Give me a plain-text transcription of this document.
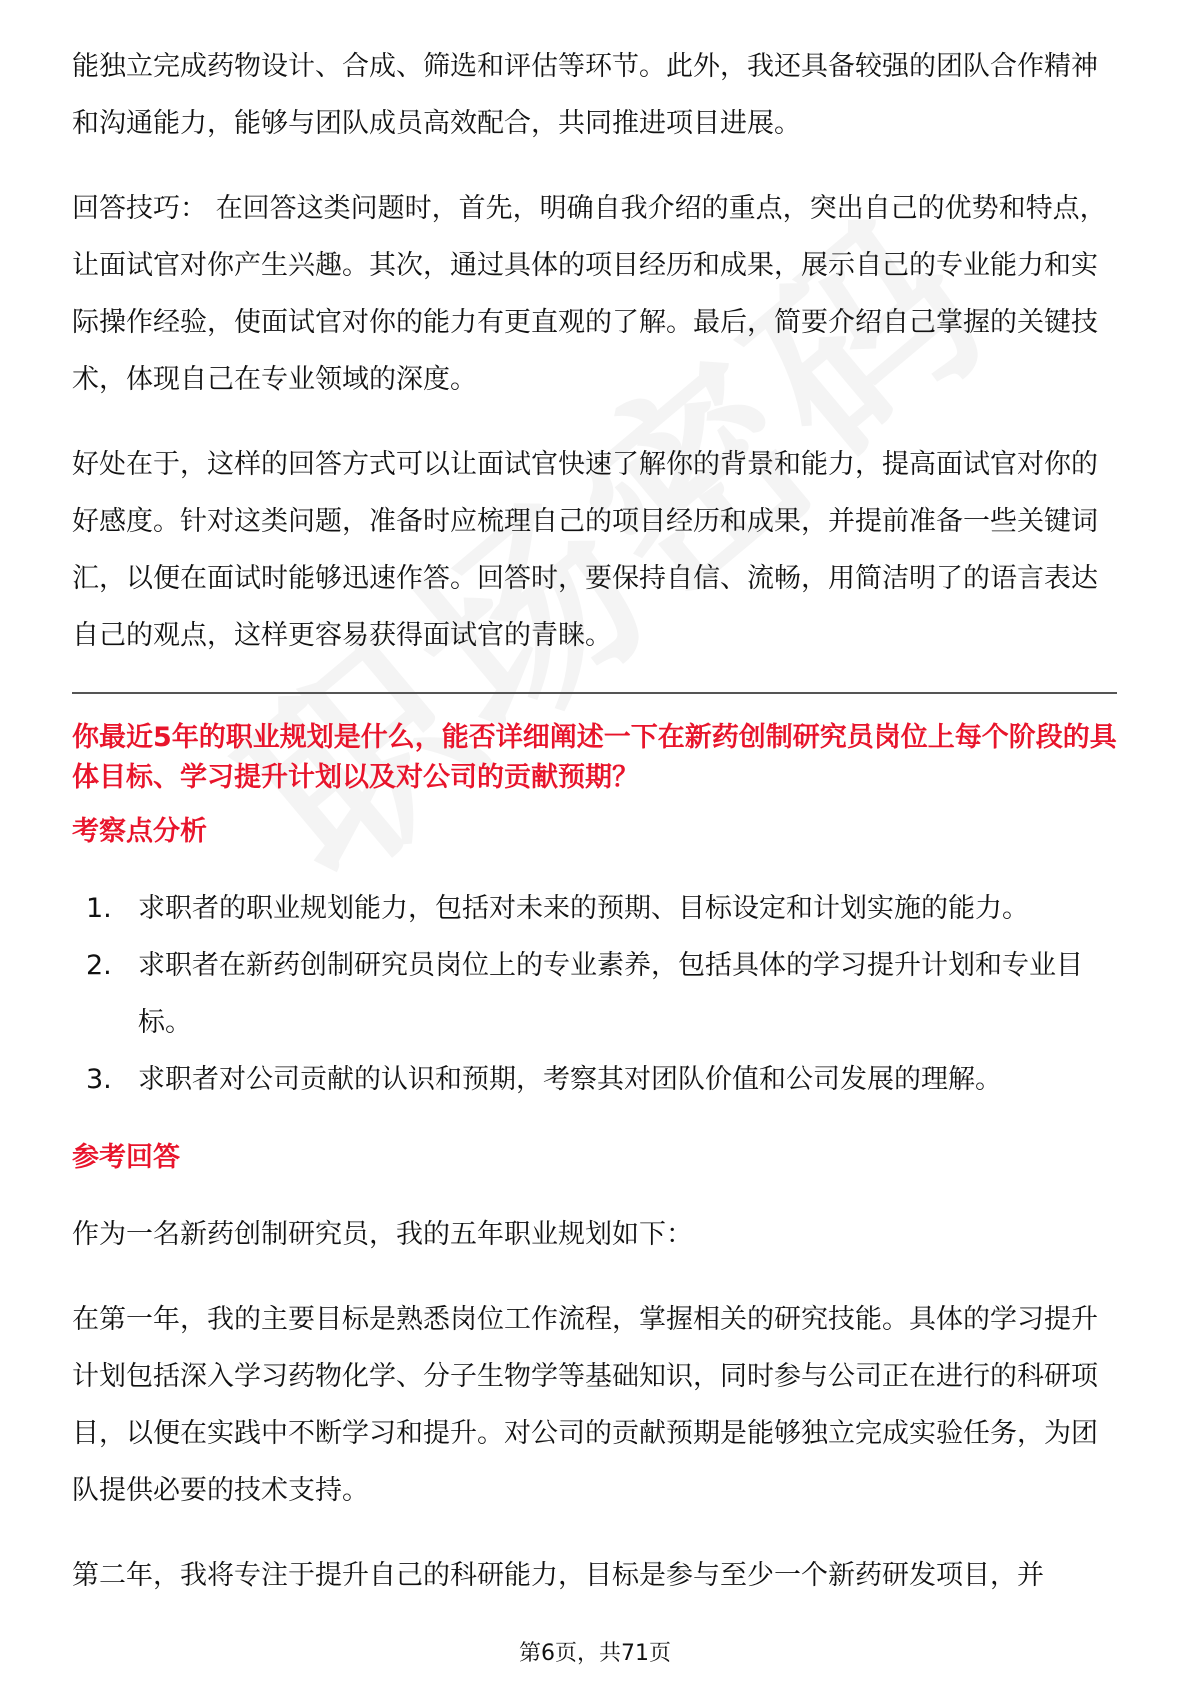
能独立完成药物设计、合成、筛选和评估等环节。此外，我还具备较强的团队合作精神和沟通能力，能够与团队成员高效配合，共同推进项目进展。

回答技巧： 在回答这类问题时，首先，明确自我介绍的重点，突出自己的优势和特点，让面试官对你产生兴趣。其次，通过具体的项目经历和成果，展示自己的专业能力和实际操作经验，使面试官对你的能力有更直观的了解。最后，简要介绍自己掌握的关键技术，体现自己在专业领域的深度。

好处在于，这样的回答方式可以让面试官快速了解你的背景和能力，提高面试官对你的好感度。针对这类问题，准备时应梳理自己的项目经历和成果，并提前准备一些关键词汇，以便在面试时能够迅速作答。回答时，要保持自信、流畅，用简洁明了的语言表达自己的观点，这样更容易获得面试官的青睐。

你最近5年的职业规划是什么，能否详细阐述一下在新药创制研究员岗位上每个阶段的具体目标、学习提升计划以及对公司的贡献预期？
考察点分析
1. 求职者的职业规划能力，包括对未来的预期、目标设定和计划实施的能力。
2. 求职者在新药创制研究员岗位上的专业素养，包括具体的学习提升计划和专业目标。
3. 求职者对公司贡献的认识和预期，考察其对团队价值和公司发展的理解。
参考回答

作为一名新药创制研究员，我的五年职业规划如下：

在第一年，我的主要目标是熟悉岗位工作流程，掌握相关的研究技能。具体的学习提升计划包括深入学习药物化学、分子生物学等基础知识，同时参与公司正在进行的科研项目，以便在实践中不断学习和提升。对公司的贡献预期是能够独立完成实验任务，为团队提供必要的技术支持。

第二年，我将专注于提升自己的科研能力，目标是参与至少一个新药研发项目，并

第6页，共71页
